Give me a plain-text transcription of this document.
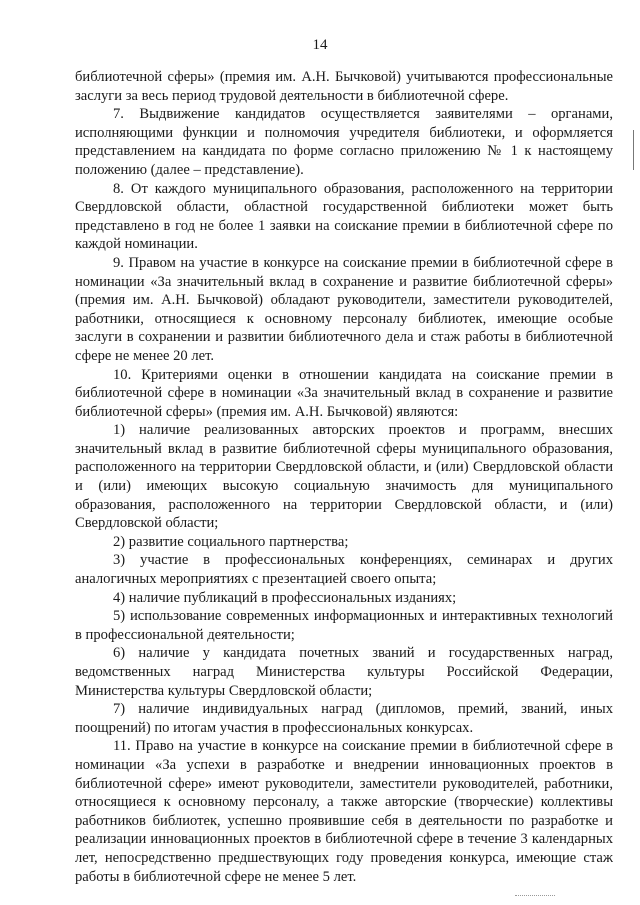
14

библиотечной сферы» (премия им. А.Н. Бычковой) учитываются профессиональные заслуги за весь период трудовой деятельности в библиотечной сфере.

7. Выдвижение кандидатов осуществляется заявителями – органами, исполняющими функции и полномочия учредителя библиотеки, и оформляется представлением на кандидата по форме согласно приложению № 1 к настоящему положению (далее – представление).

8. От каждого муниципального образования, расположенного на территории Свердловской области, областной государственной библиотеки может быть представлено в год не более 1 заявки на соискание премии в библиотечной сфере по каждой номинации.

9. Правом на участие в конкурсе на соискание премии в библиотечной сфере в номинации «За значительный вклад в сохранение и развитие библиотечной сферы» (премия им. А.Н. Бычковой) обладают руководители, заместители руководителей, работники, относящиеся к основному персоналу библиотек, имеющие особые заслуги в сохранении и развитии библиотечного дела и стаж работы в библиотечной сфере не менее 20 лет.

10. Критериями оценки в отношении кандидата на соискание премии в библиотечной сфере в номинации «За значительный вклад в сохранение и развитие библиотечной сферы» (премия им. А.Н. Бычковой) являются:

1) наличие реализованных авторских проектов и программ, внесших значительный вклад в развитие библиотечной сферы муниципального образования, расположенного на территории Свердловской области, и (или) Свердловской области и (или) имеющих высокую социальную значимость для муниципального образования, расположенного на территории Свердловской области, и (или) Свердловской области;

2) развитие социального партнерства;

3) участие в профессиональных конференциях, семинарах и других аналогичных мероприятиях с презентацией своего опыта;

4) наличие публикаций в профессиональных изданиях;

5) использование современных информационных и интерактивных технологий в профессиональной деятельности;

6) наличие у кандидата почетных званий и государственных наград, ведомственных наград Министерства культуры Российской Федерации, Министерства культуры Свердловской области;

7) наличие индивидуальных наград (дипломов, премий, званий, иных поощрений) по итогам участия в профессиональных конкурсах.

11. Право на участие в конкурсе на соискание премии в библиотечной сфере в номинации «За успехи в разработке и внедрении инновационных проектов в библиотечной сфере» имеют руководители, заместители руководителей, работники, относящиеся к основному персоналу, а также авторские (творческие) коллективы работников библиотек, успешно проявившие себя в деятельности по разработке и реализации инновационных проектов в библиотечной сфере в течение 3 календарных лет, непосредственно предшествующих году проведения конкурса, имеющие стаж работы в библиотечной сфере не менее 5 лет.
